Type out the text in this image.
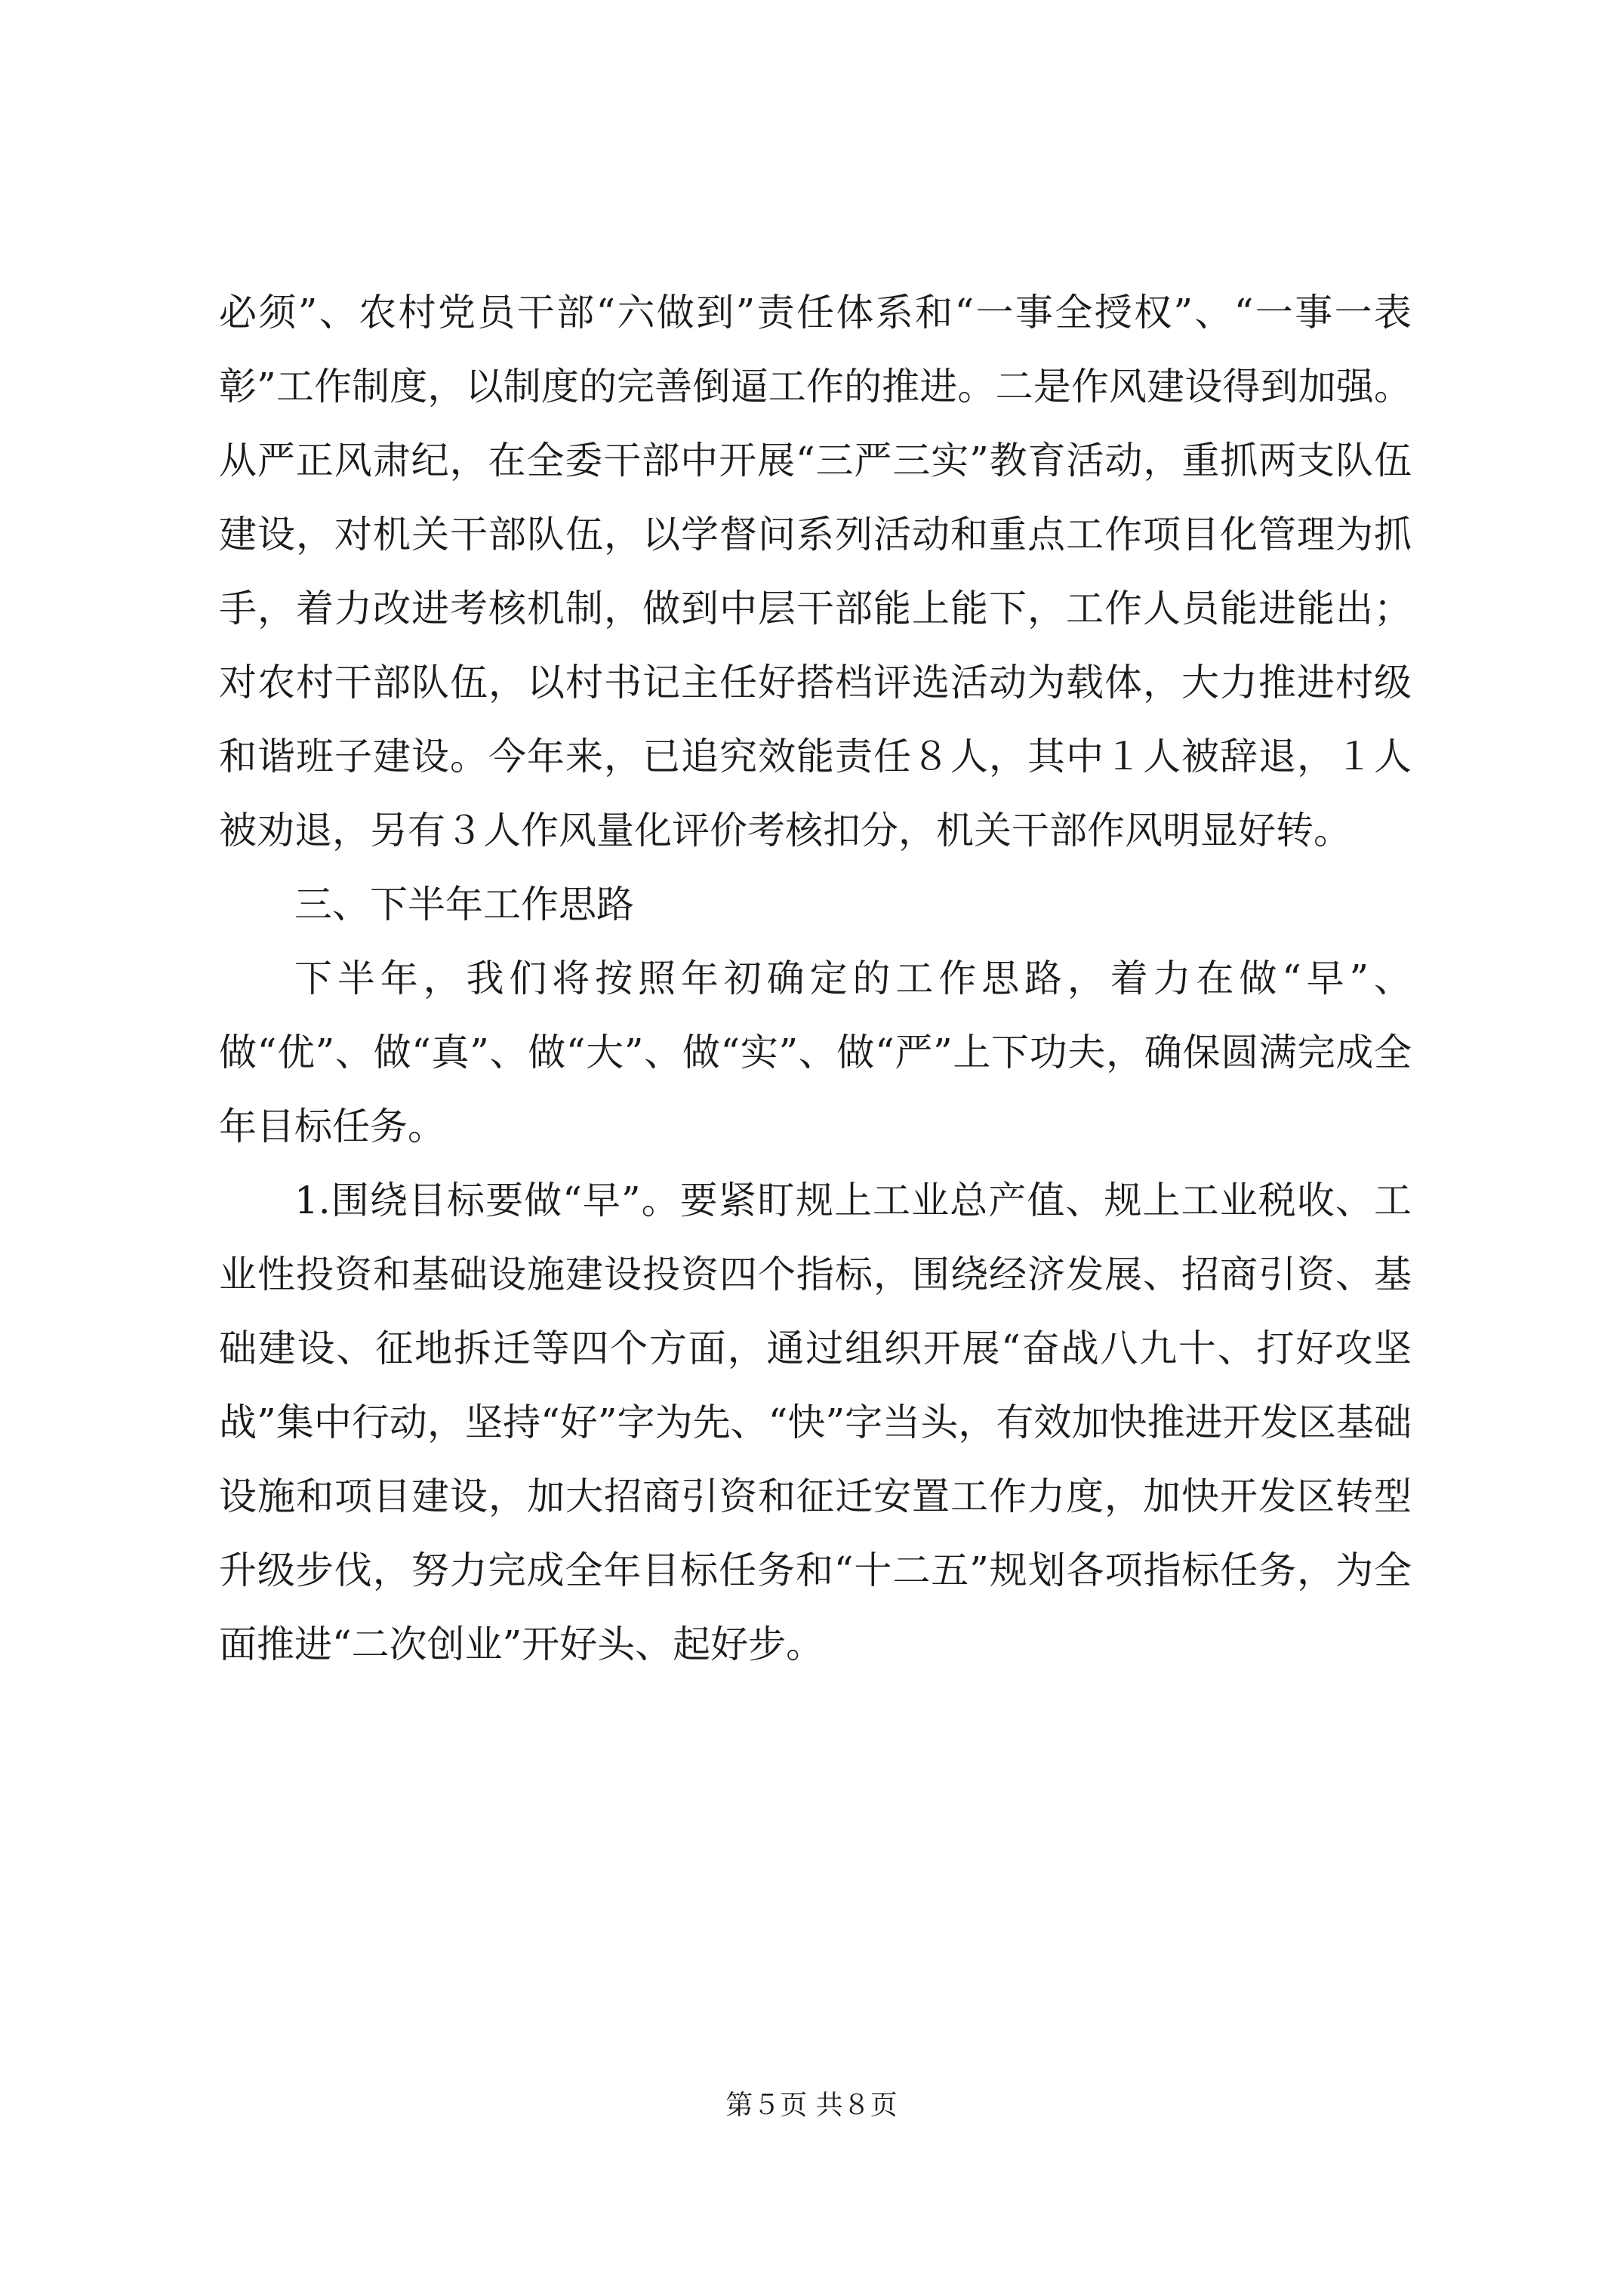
必须”、农村党员干部“六做到”责任体系和“一事全授权”、“一事一表彰”工作制度，以制度的完善倒逼工作的推进。二是作风建设得到加强。从严正风肃纪，在全委干部中开展“三严三实”教育活动，重抓两支队伍建设，对机关干部队伍，以学督问系列活动和重点工作项目化管理为抓手，着力改进考核机制，做到中层干部能上能下，工作人员能进能出；对农村干部队伍，以村书记主任好搭档评选活动为载体，大力推进村级和谐班子建设。今年来，已追究效能责任８人，其中１人被辞退，１人被劝退，另有３人作风量化评价考核扣分，机关干部作风明显好转。

三、下半年工作思路

下半年，我们将按照年初确定的工作思路，着力在做“早”、做“优”、做“真”、做“大”、做“实”、做“严”上下功夫，确保圆满完成全年目标任务。

1.围绕目标要做“早”。要紧盯规上工业总产值、规上工业税收、工业性投资和基础设施建设投资四个指标，围绕经济发展、招商引资、基础建设、征地拆迁等四个方面，通过组织开展“奋战八九十、打好攻坚战”集中行动，坚持“好”字为先、“快”字当头，有效加快推进开发区基础设施和项目建设，加大招商引资和征迁安置工作力度，加快开发区转型升级步伐，努力完成全年目标任务和“十二五”规划各项指标任务，为全面推进“二次创业”开好头、起好步。

第５页 共８页
